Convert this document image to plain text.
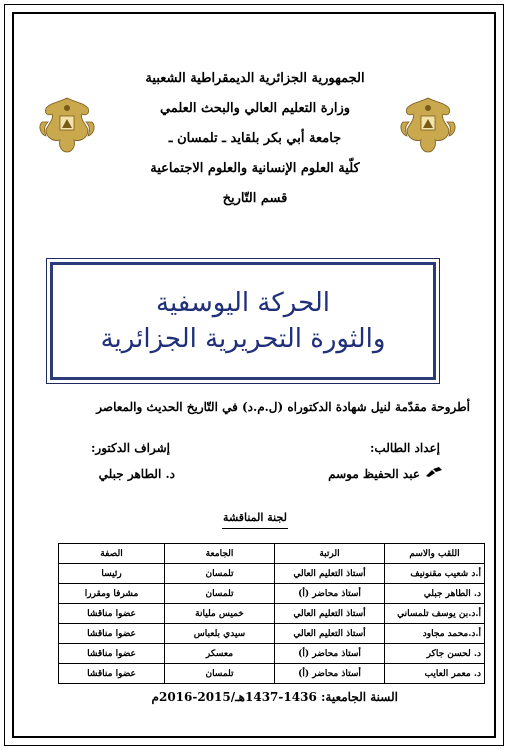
الجمهورية الجزائرية الديمقراطية الشعبية
وزارة التعليم العالي والبحث العلمي
جامعة أبي بكر بلقايد ـ تلمسان ـ
كلّية العلوم الإنسانية والعلوم الاجتماعية
قسم التّاريخ
الحركة اليوسفية
والثورة التحريرية الجزائرية
أطروحة مقدّمة لنيل شهادة الدكتوراه (ل.م.د) في التّاريخ الحديث والمعاصر
إعداد الطالب:
إشراف الدكتور:
عبد الحفيظ موسم
د. الطاهر جبلي
لجنة المناقشة
اللقب والاسم	الرتبة	الجامعة	الصفة
أ.د شعيب مقنونيف	أستاذ التعليم العالي	تلمسان	رئيسا
د. الطاهر جبلي	أستاذ محاضر (أ)	تلمسان	مشرفا ومقررا
أ.د.بن يوسف تلمساني	أستاذ التعليم العالي	خميس مليانة	عضوا مناقشا
أ.د.محمد مجاود	أستاذ التعليم العالي	سيدي بلعباس	عضوا مناقشا
د. لحسن جاكر	أستاذ محاضر (أ)	معسكر	عضوا مناقشا
د. معمر العايب	أستاذ محاضر (أ)	تلمسان	عضوا مناقشا
السنة الجامعية: 1436-1437هـ/2015-2016م
